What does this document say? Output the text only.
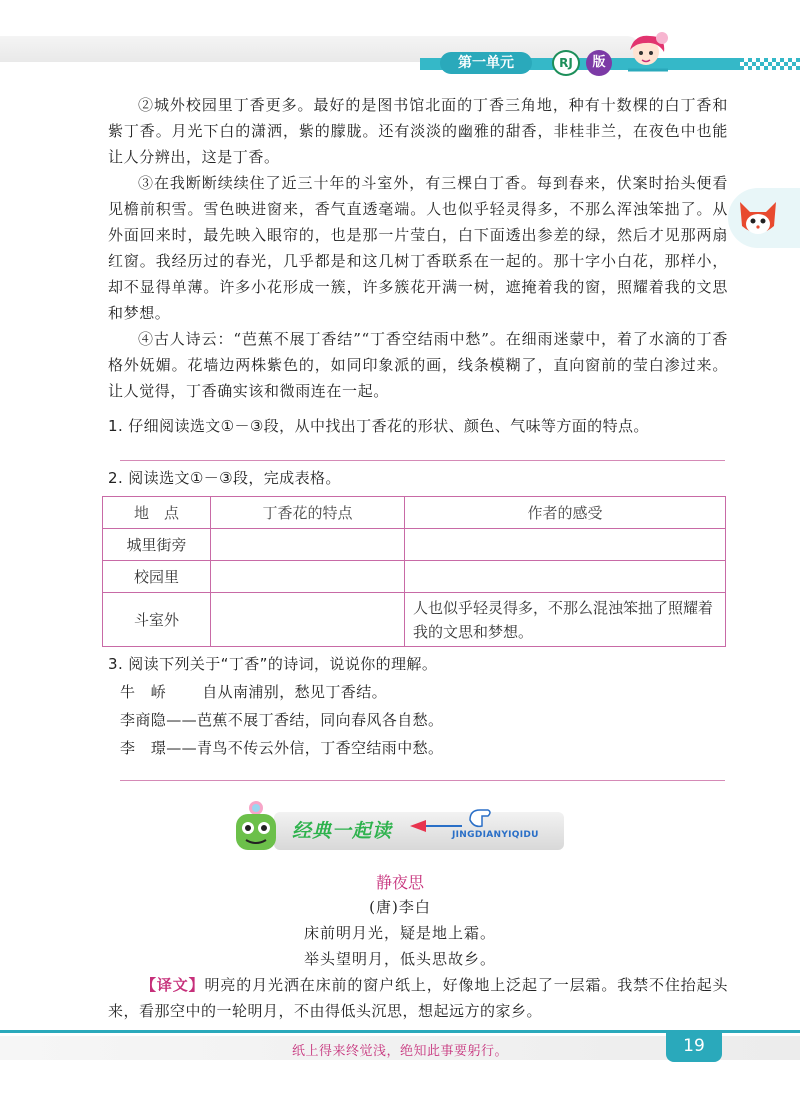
第一单元	RJ	版
②城外校园里丁香更多。最好的是图书馆北面的丁香三角地，种有十数棵的白丁香和紫丁香。月光下白的潇洒，紫的朦胧。还有淡淡的幽雅的甜香，非桂非兰，在夜色中也能让人分辨出，这是丁香。
③在我断断续续住了近三十年的斗室外，有三棵白丁香。每到春来，伏案时抬头便看见檐前积雪。雪色映进窗来，香气直透毫端。人也似乎轻灵得多，不那么浑浊笨拙了。从外面回来时，最先映入眼帘的，也是那一片莹白，白下面透出参差的绿，然后才见那两扇红窗。我经历过的春光，几乎都是和这几树丁香联系在一起的。那十字小白花，那样小，却不显得单薄。许多小花形成一簇，许多簇花开满一树，遮掩着我的窗，照耀着我的文思和梦想。
④古人诗云：“芭蕉不展丁香结”“丁香空结雨中愁”。在细雨迷蒙中，着了水滴的丁香格外妩媚。花墙边两株紫色的，如同印象派的画，线条模糊了，直向窗前的莹白渗过来。让人觉得，丁香确实该和微雨连在一起。
1. 仔细阅读选文①－③段，从中找出丁香花的形状、颜色、气味等方面的特点。
2. 阅读选文①－③段，完成表格。
地　点	丁香花的特点	作者的感受
城里街旁		
校园里		
斗室外		人也似乎轻灵得多，不那么混浊笨拙了照耀着我的文思和梦想。
3. 阅读下列关于“丁香”的诗词，说说你的理解。
牛　峤 自从南浦别，愁见丁香结。
李商隐——芭蕉不展丁香结，同向春风各自愁。
李　璟——青鸟不传云外信，丁香空结雨中愁。
经典一起读	JINGDIANYIQIDU
静夜思
(唐)李白
床前明月光，疑是地上霜。
举头望明月，低头思故乡。
【译文】明亮的月光洒在床前的窗户纸上，好像地上泛起了一层霜。我禁不住抬起头来，看那空中的一轮明月，不由得低头沉思，想起远方的家乡。
纸上得来终觉浅，绝知此事要躬行。	19
